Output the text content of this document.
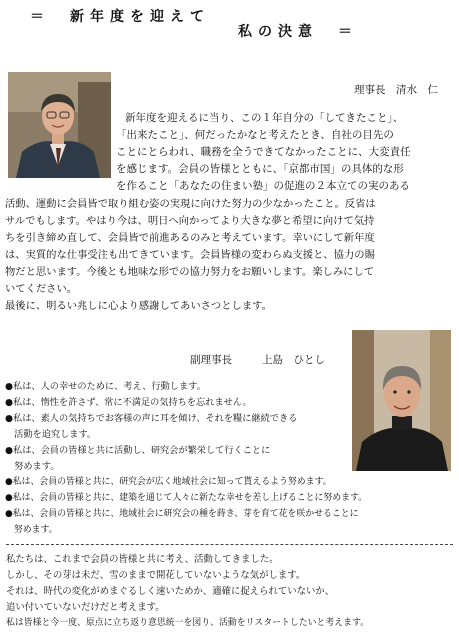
＝　新年度を迎えて
私の決意　＝
理事長　清水　仁
新年度を迎えるに当り、この１年自分の「してきたこと」、
「出来たこと」、何だったかなと考えたとき、自社の目先の
ことにとらわれ、職務を全うできてなかったことに、大変責任
を感じます。会員の皆様とともに、「京都市国」の具体的な形
を作ること「あなたの住まい塾」の促進の２本立ての実のある
活動、運動に会員皆で取り組む姿の実現に向けた努力の少なかったこと。反省は
サルでもします。やはり今は、明日へ向かってより大きな夢と希望に向けて気持
ちを引き締め直して、会員皆で前進あるのみと考えています。幸いにして新年度
は、実質的な仕事受注も出てきています。会員皆様の変わらぬ支援と、協力の賜
物だと思います。今後とも地味な形での協力努力をお願いします。楽しみにして
いてください。
最後に、明るい兆しに心より感謝してあいさつとします。
副理事長	上島　ひとし
●私は、人の幸せのために、考え、行動します。
●私は、惰性を許さず、常に不満足の気持ちを忘れません。
●私は、素人の気持ちでお客様の声に耳を傾け、それを糧に継続できる
　活動を追究します。
●私は、会員の皆様と共に活動し、研究会が繁栄して行くことに
　努めます。
●私は、会員の皆様と共に、研究会が広く地域社会に知って貰えるよう努めます。
●私は、会員の皆様と共に、建築を通じて人々に新たな幸せを差し上げることに努めます。
●私は、会員の皆様と共に、地域社会に研究会の種を蒔き、芽を育て花を咲かせることに
　努めます。
私たちは、これまで会員の皆様と共に考え、活動してきました。
しかし、その芽は未だ、雪のままで開花していないような気がします。
それは、時代の変化がめまぐるしく速いためか、適確に捉えられていないか、
追い付いていないだけだと考えます。
私は皆様と今一度、原点に立ち返り意思統一を図り、活動をリスタートしたいと考えます。
